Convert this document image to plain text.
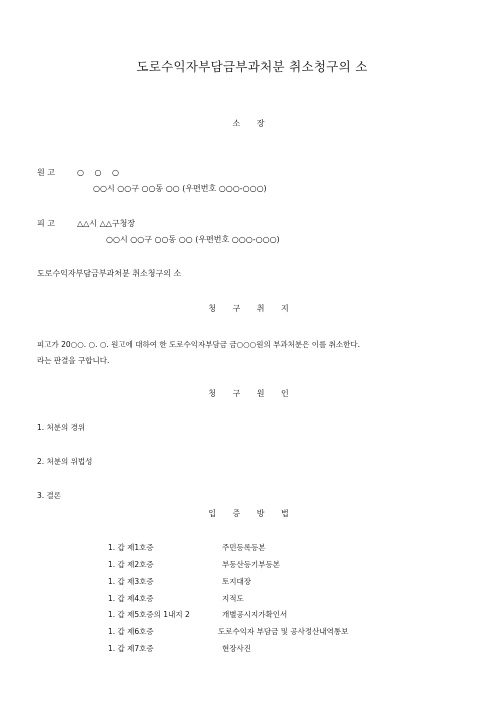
도로수익자부담금부과처분 취소청구의 소
소 장
원 고	○ ○ ○
○○시 ○○구 ○○동 ○○ (우편번호 ○○○-○○○)
피 고	△△시 △△구청장
○○시 ○○구 ○○동 ○○ (우편번호 ○○○-○○○)
도로수익자부담금부과처분 취소청구의 소
청 구 취 지
피고가 20○○. ○. ○. 원고에 대하여 한 도로수익자부담금 금○○○원의 부과처분은 이를 취소한다.
라는 판결을 구합니다.
청 구 원 인
1. 처분의 경위
2. 처분의 위법성
3. 결론
입 증 방 법
1. 갑 제1호증	주민등록등본
1. 갑 제2호증	부동산등기부등본
1. 갑 제3호증	토지대장
1. 갑 제4호증	지적도
1. 갑 제5호증의 1내지 2	개별공시지가확인서
1. 갑 제6호증	도로수익자 부담금 및 공사정산내역통보
1. 갑 제7호증	현장사진
